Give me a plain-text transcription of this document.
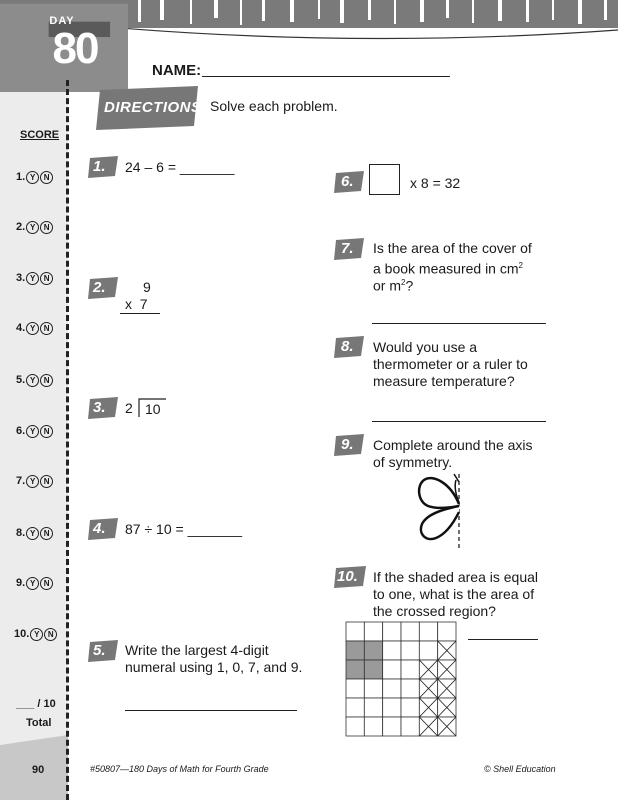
DAY
80	NAME:
DIRECTIONS Solve each problem.
SCORE
1. Y N
2. Y N
3. Y N
4. Y N
5. Y N
6. Y N
7. Y N
8. Y N
9. Y N
10. Y N
___ / 10
Total
90
1. 24 – 6 = _______
2.	9
x  7
3. 2 10
4. 87 ÷ 10 = _______
5. Write the largest 4-digit
numeral using 1, 0, 7, and 9.
6.	x 8 = 32
7. Is the area of the cover of
a book measured in $cm^2$
or $m^2$?
8. Would you use a
thermometer or a ruler to
measure temperature?
9. Complete around the axis
of symmetry.
10. If the shaded area is equal
to one, what is the area of
the crossed region?
#50807—180 Days of Math for Fourth Grade	© Shell Education
